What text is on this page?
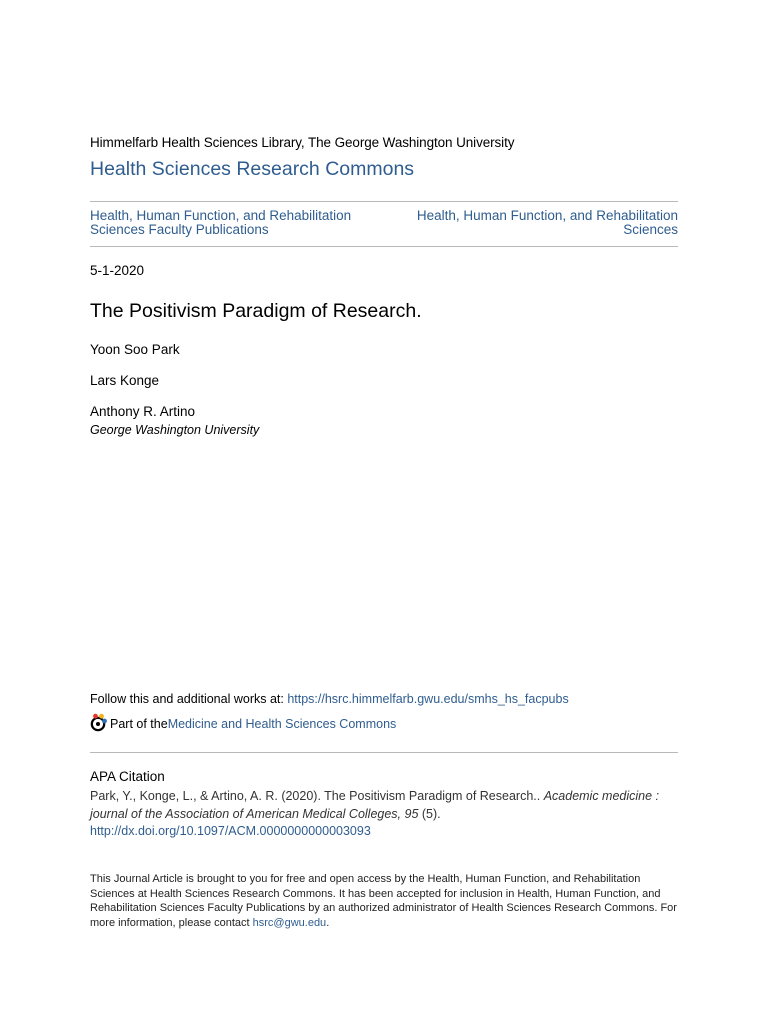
Himmelfarb Health Sciences Library, The George Washington University
Health Sciences Research Commons
Health, Human Function, and Rehabilitation Sciences Faculty Publications
Health, Human Function, and Rehabilitation Sciences
5-1-2020
The Positivism Paradigm of Research.
Yoon Soo Park
Lars Konge
Anthony R. Artino
George Washington University
Follow this and additional works at: https://hsrc.himmelfarb.gwu.edu/smhs_hs_facpubs
Part of the Medicine and Health Sciences Commons
APA Citation
Park, Y., Konge, L., & Artino, A. R. (2020). The Positivism Paradigm of Research.. Academic medicine : journal of the Association of American Medical Colleges, 95 (5). http://dx.doi.org/10.1097/ACM.0000000000003093
This Journal Article is brought to you for free and open access by the Health, Human Function, and Rehabilitation Sciences at Health Sciences Research Commons. It has been accepted for inclusion in Health, Human Function, and Rehabilitation Sciences Faculty Publications by an authorized administrator of Health Sciences Research Commons. For more information, please contact hsrc@gwu.edu.
